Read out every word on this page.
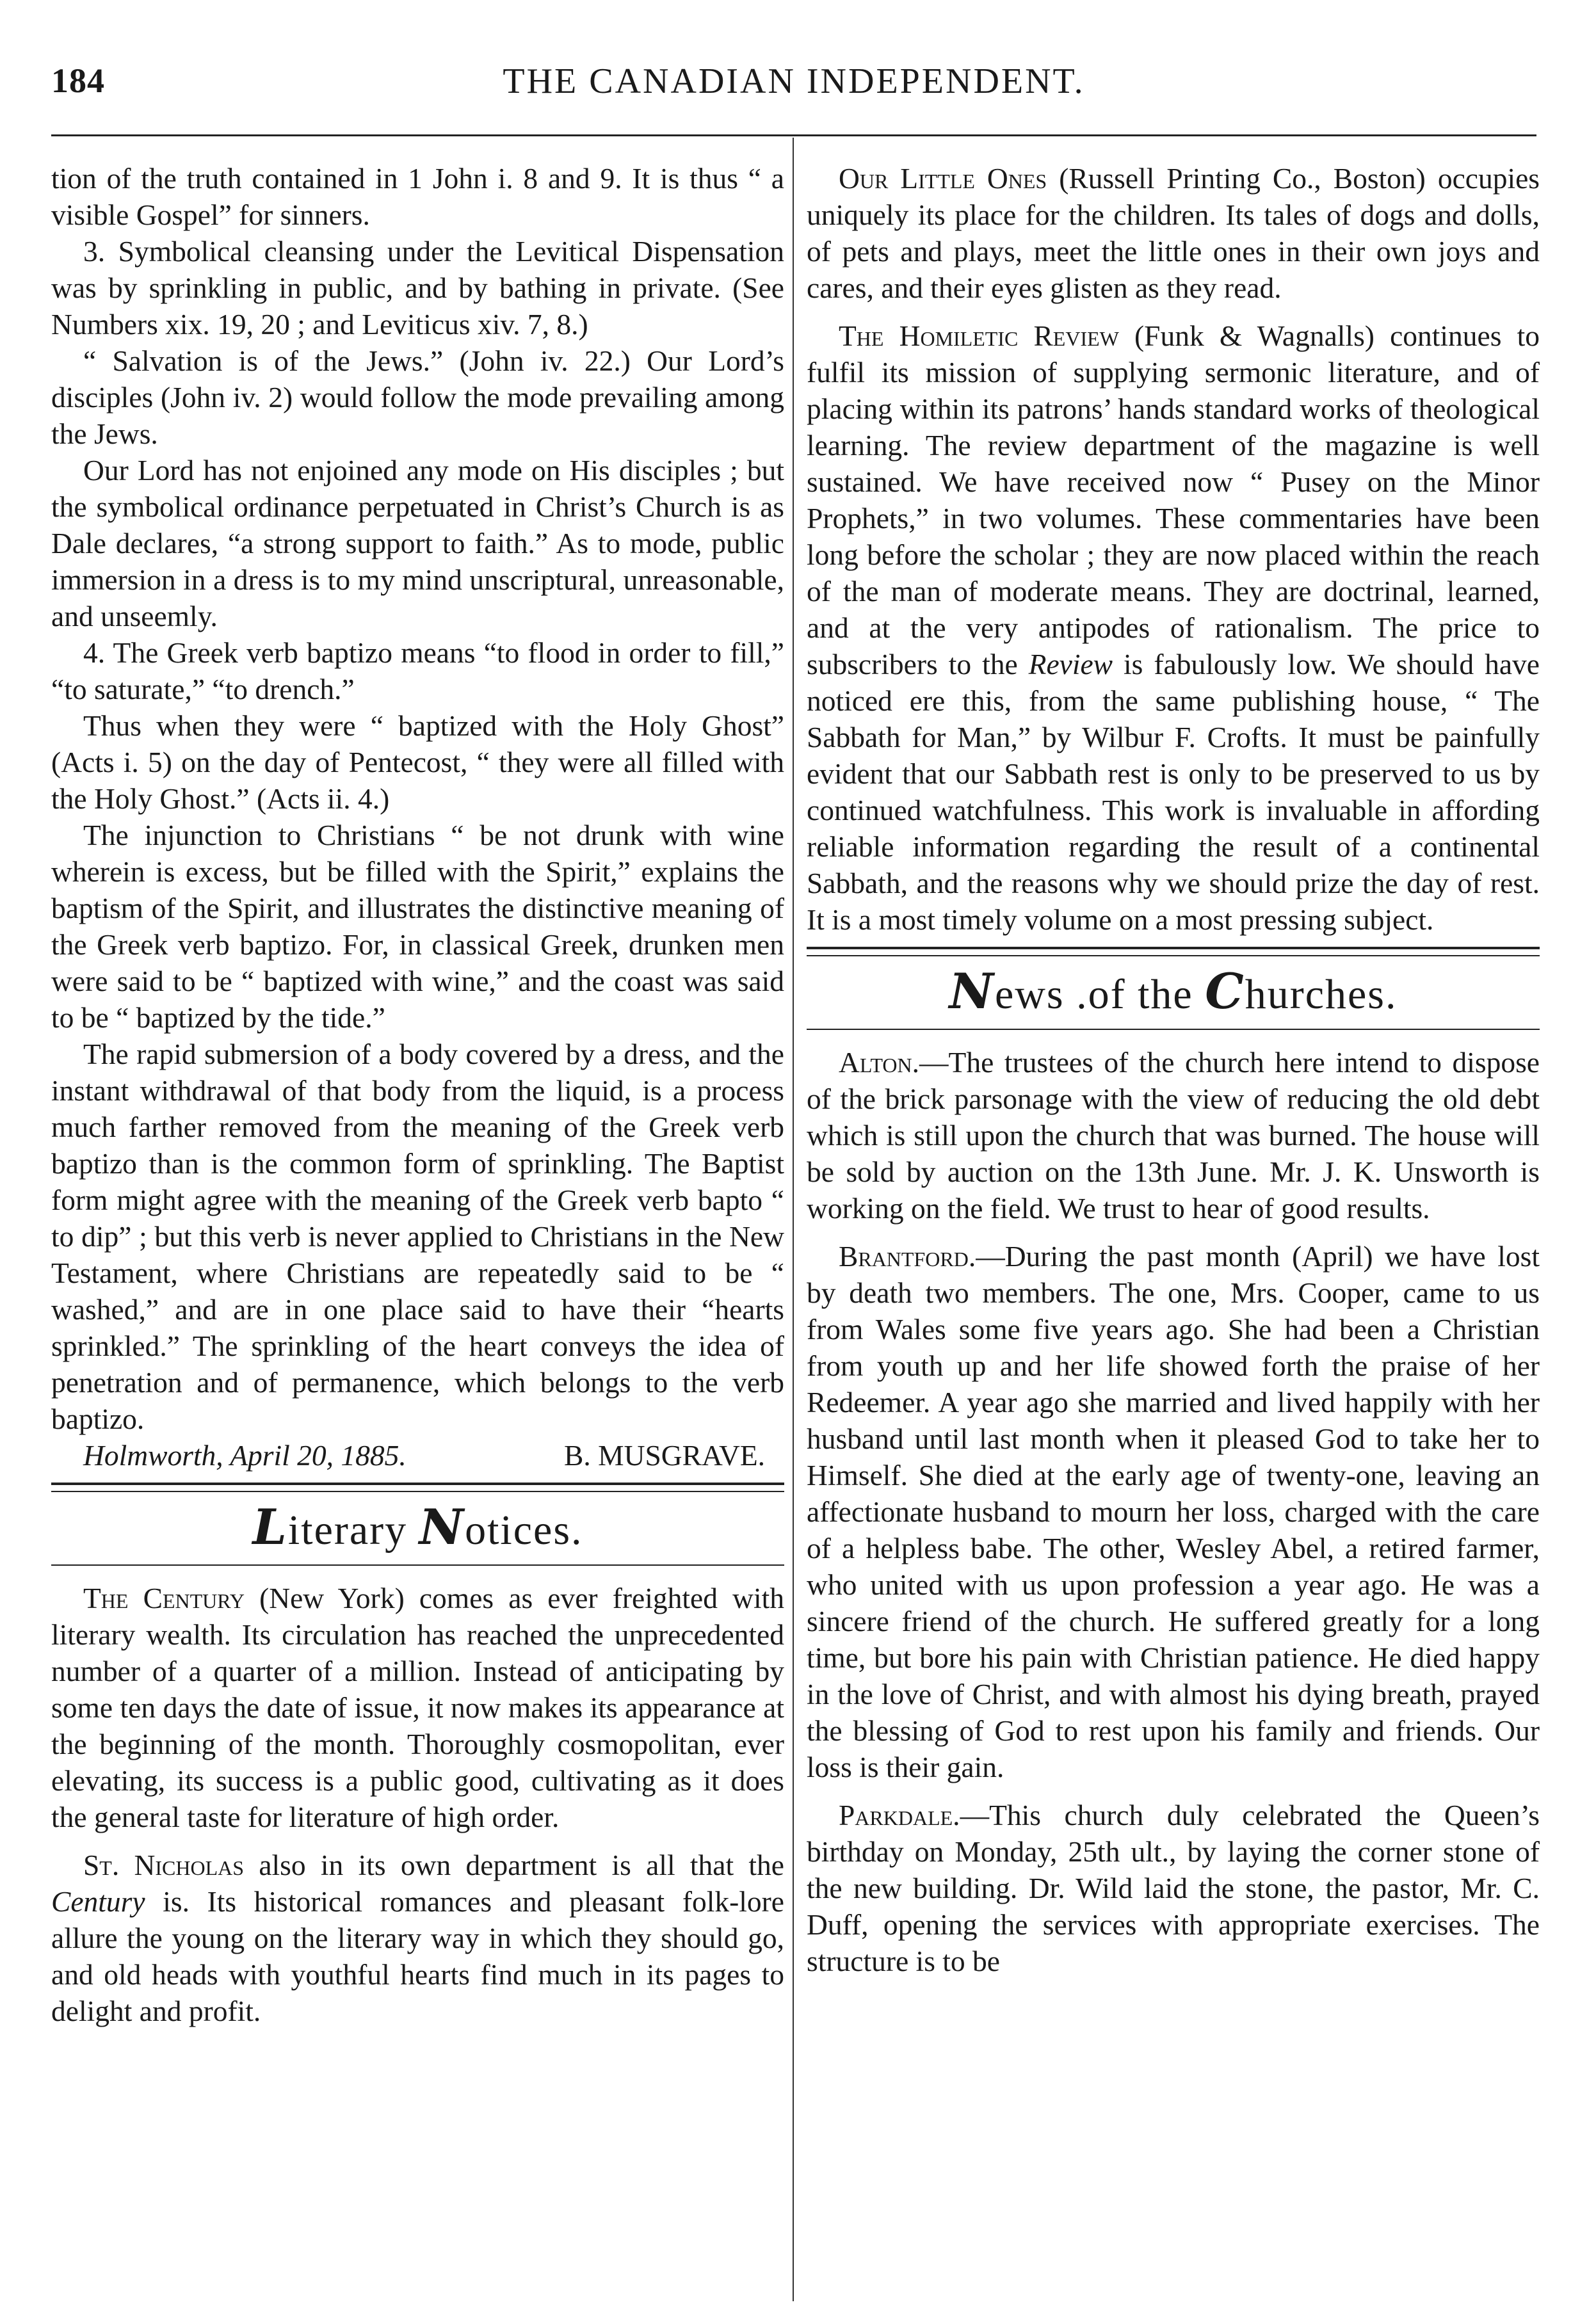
184	THE CANADIAN INDEPENDENT.

tion of the truth contained in 1 John i. 8 and 9. It is thus “ a visible Gospel” for sinners.

3. Symbolical cleansing under the Levitical Dispensation was by sprinkling in public, and by bathing in private. (See Numbers xix. 19, 20 ; and Leviticus xiv. 7, 8.)

“ Salvation is of the Jews.” (John iv. 22.) Our Lord’s disciples (John iv. 2) would follow the mode prevailing among the Jews.

Our Lord has not enjoined any mode on His disciples ; but the symbolical ordinance perpetuated in Christ’s Church is as Dale declares, “a strong support to faith.” As to mode, public immersion in a dress is to my mind unscriptural, unreasonable, and unseemly.

4. The Greek verb baptizo means “to flood in order to fill,” “to saturate,” “to drench.”

Thus when they were “ baptized with the Holy Ghost” (Acts i. 5) on the day of Pentecost, “ they were all filled with the Holy Ghost.” (Acts ii. 4.)

The injunction to Christians “ be not drunk with wine wherein is excess, but be filled with the Spirit,” explains the baptism of the Spirit, and illustrates the distinctive meaning of the Greek verb baptizo. For, in classical Greek, drunken men were said to be “ baptized with wine,” and the coast was said to be “ baptized by the tide.”

The rapid submersion of a body covered by a dress, and the instant withdrawal of that body from the liquid, is a process much farther removed from the meaning of the Greek verb baptizo than is the common form of sprinkling. The Baptist form might agree with the meaning of the Greek verb bapto “ to dip” ; but this verb is never applied to Christians in the New Testament, where Christians are repeatedly said to be “ washed,” and are in one place said to have their “hearts sprinkled.” The sprinkling of the heart conveys the idea of penetration and of permanence, which belongs to the verb baptizo.

Holmworth, April 20, 1885.	B. MUSGRAVE.
Literary Notices.

The Century (New York) comes as ever freighted with literary wealth. Its circulation has reached the unprecedented number of a quarter of a million. Instead of anticipating by some ten days the date of issue, it now makes its appearance at the beginning of the month. Thoroughly cosmopolitan, ever elevating, its success is a public good, cultivating as it does the general taste for literature of high order.

St. Nicholas also in its own department is all that the Century is. Its historical romances and pleasant folk-lore allure the young on the literary way in which they should go, and old heads with youthful hearts find much in its pages to delight and profit.

Our Little Ones (Russell Printing Co., Boston) occupies uniquely its place for the children. Its tales of dogs and dolls, of pets and plays, meet the little ones in their own joys and cares, and their eyes glisten as they read.

The Homiletic Review (Funk & Wagnalls) continues to fulfil its mission of supplying sermonic literature, and of placing within its patrons’ hands standard works of theological learning. The review department of the magazine is well sustained. We have received now “ Pusey on the Minor Prophets,” in two volumes. These commentaries have been long before the scholar ; they are now placed within the reach of the man of moderate means. They are doctrinal, learned, and at the very antipodes of rationalism. The price to subscribers to the Review is fabulously low. We should have noticed ere this, from the same publishing house, “ The Sabbath for Man,” by Wilbur F. Crofts. It must be painfully evident that our Sabbath rest is only to be preserved to us by continued watchfulness. This work is invaluable in affording reliable information regarding the result of a continental Sabbath, and the reasons why we should prize the day of rest. It is a most timely volume on a most pressing subject.

News .of the Churches.

Alton.—The trustees of the church here intend to dispose of the brick parsonage with the view of reducing the old debt which is still upon the church that was burned. The house will be sold by auction on the 13th June. Mr. J. K. Unsworth is working on the field. We trust to hear of good results.

Brantford.—During the past month (April) we have lost by death two members. The one, Mrs. Cooper, came to us from Wales some five years ago. She had been a Christian from youth up and her life showed forth the praise of her Redeemer. A year ago she married and lived happily with her husband until last month when it pleased God to take her to Himself. She died at the early age of twenty-one, leaving an affectionate husband to mourn her loss, charged with the care of a helpless babe. The other, Wesley Abel, a retired farmer, who united with us upon profession a year ago. He was a sincere friend of the church. He suffered greatly for a long time, but bore his pain with Christian patience. He died happy in the love of Christ, and with almost his dying breath, prayed the blessing of God to rest upon his family and friends. Our loss is their gain.

Parkdale.—This church duly celebrated the Queen’s birthday on Monday, 25th ult., by laying the corner stone of the new building. Dr. Wild laid the stone, the pastor, Mr. C. Duff, opening the services with appropriate exercises. The structure is to be
